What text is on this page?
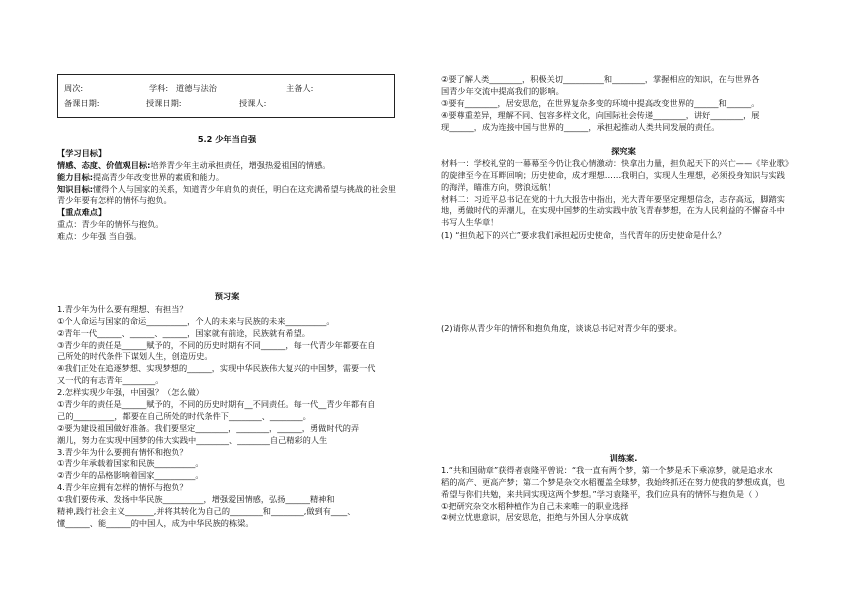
周次:	学科: 道德与法治	主备人:
备课日期:	授课日期:	授课人:

5.2 少年当自强

【学习目标】

情感、态度、价值观目标:培养青少年主动承担责任，增强热爱祖国的情感。

能力目标:提高青少年改变世界的素质和能力。

知识目标:懂得个人与国家的关系，知道青少年肩负的责任，明白在这充满希望与挑战的社会里

青少年要有怎样的情怀与抱负。

【重点难点】

重点：青少年的情怀与抱负。

难点：少年强 当自强。

预习案

1.青少年为什么要有理想、有担当？

①个人命运与国家的命运__________，个人的未来与民族的未来__________。

②青年一代______、______、______，国家就有前途，民族就有希望。

③青少年的责任是______赋予的，不同的历史时期有不同______，每一代青少年都要在自

己所处的时代条件下谋划人生，创造历史。

④我们正处在追逐梦想、实现梦想的______，实现中华民族伟大复兴的中国梦，需要一代

又一代的有志青年________。

2.怎样实现少年强，中国强？（怎么做）

①青少年的责任是______赋予的，不同的历史时期有__不同责任。每一代__青少年都有自

己的__________，都要在自己所处的时代条件下________、________。

②要为建设祖国做好准备。我们要坚定________，________，______，勇做时代的弄

潮儿，努力在实现中国梦的伟大实践中________、________自己精彩的人生

3.青少年为什么要拥有情怀和抱负？

①青少年承载着国家和民族__________。

②青少年的品格影响着国家__________。

4.青少年应拥有怎样的情怀与抱负？

①我们要传承、发扬中华民族__________，增强爱国情感，弘扬______精神和

精神,践行社会主义_______,并将其转化为自己的________和________,做到有____、

懂______、能______的中国人，成为中华民族的栋梁。

②要了解人类________，积极关切__________和________，掌握相应的知识，在与世界各

国青少年交流中提高我们的影响。

③要有________，居安思危，在世界复杂多变的环境中提高改变世界的______和______。

④要尊重差异，理解不同、包容多样文化，向国际社会传递________，讲好________，展

现______，成为连接中国与世界的______，承担起推动人类共同发展的责任。

探究案

材料一：学校礼堂的一幕幕至今仍让我心情激动：快拿出力量，担负起天下的兴亡——《毕业歌》

的旋律至今在耳畔回响；历史使命，成才理想……我明白，实现人生理想，必须投身知识与实践

的海洋，瞄准方向，劈浪远航！

材料二：习近平总书记在党的十九大报告中指出，光大青年要坚定理想信念，志存高远，脚踏实

地，勇做时代的弄潮儿，在实现中国梦的生动实践中放飞青春梦想，在为人民利益的不懈奋斗中

书写人生华章！

(1) “担负起下的兴亡”要求我们承担起历史使命，当代青年的历史使命是什么？

(2)请你从青少年的情怀和抱负角度，谈谈总书记对青少年的要求。

训练案.

1.“共和国勋章”获得者袁隆平曾说：“我一直有两个梦，第一个梦是禾下乘凉梦，就是追求水

稻的高产、更高产梦；第二个梦是杂交水稻覆盖全球梦，我始终抓还在努力使我的梦想成真，也

希望与你们共勉，来共同实现这两个梦想。”学习袁隆平，我们应具有的情怀与抱负是（ ）

①把研究杂交水稻种植作为自己未来唯一的职业选择

②树立忧患意识，居安思危，拒绝与外国人分享成就
